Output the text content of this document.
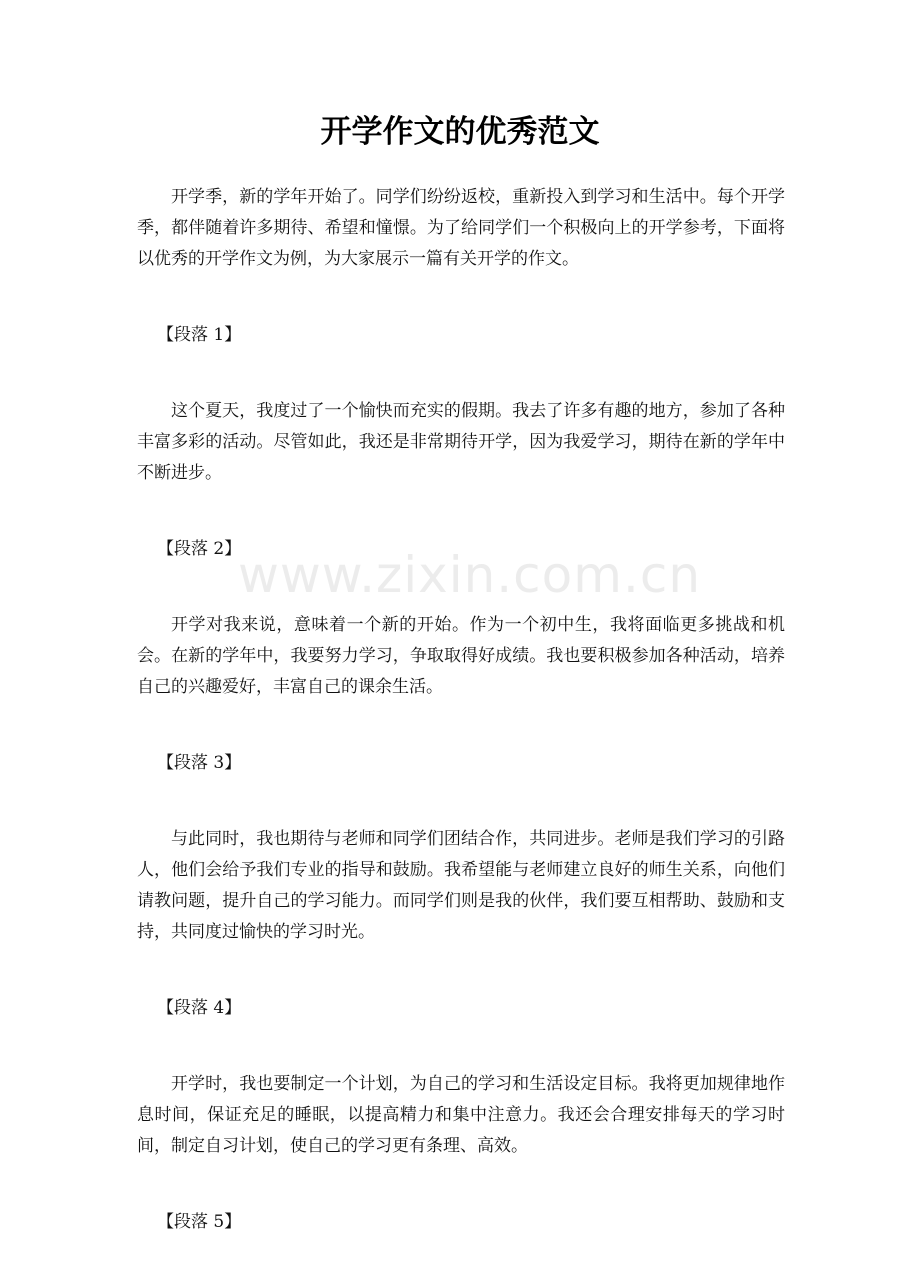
开学作文的优秀范文

开学季，新的学年开始了。同学们纷纷返校，重新投入到学习和生活中。每个开学季，都伴随着许多期待、希望和憧憬。为了给同学们一个积极向上的开学参考，下面将以优秀的开学作文为例，为大家展示一篇有关开学的作文。

【段落 1】

这个夏天，我度过了一个愉快而充实的假期。我去了许多有趣的地方，参加了各种丰富多彩的活动。尽管如此，我还是非常期待开学，因为我爱学习，期待在新的学年中不断进步。

【段落 2】

开学对我来说，意味着一个新的开始。作为一个初中生，我将面临更多挑战和机会。在新的学年中，我要努力学习，争取取得好成绩。我也要积极参加各种活动，培养自己的兴趣爱好，丰富自己的课余生活。

【段落 3】

与此同时，我也期待与老师和同学们团结合作，共同进步。老师是我们学习的引路人，他们会给予我们专业的指导和鼓励。我希望能与老师建立良好的师生关系，向他们请教问题，提升自己的学习能力。而同学们则是我的伙伴，我们要互相帮助、鼓励和支持，共同度过愉快的学习时光。

【段落 4】

开学时，我也要制定一个计划，为自己的学习和生活设定目标。我将更加规律地作息时间，保证充足的睡眠，以提高精力和集中注意力。我还会合理安排每天的学习时间，制定自习计划，使自己的学习更有条理、高效。

【段落 5】

www.zixin.com.cn
